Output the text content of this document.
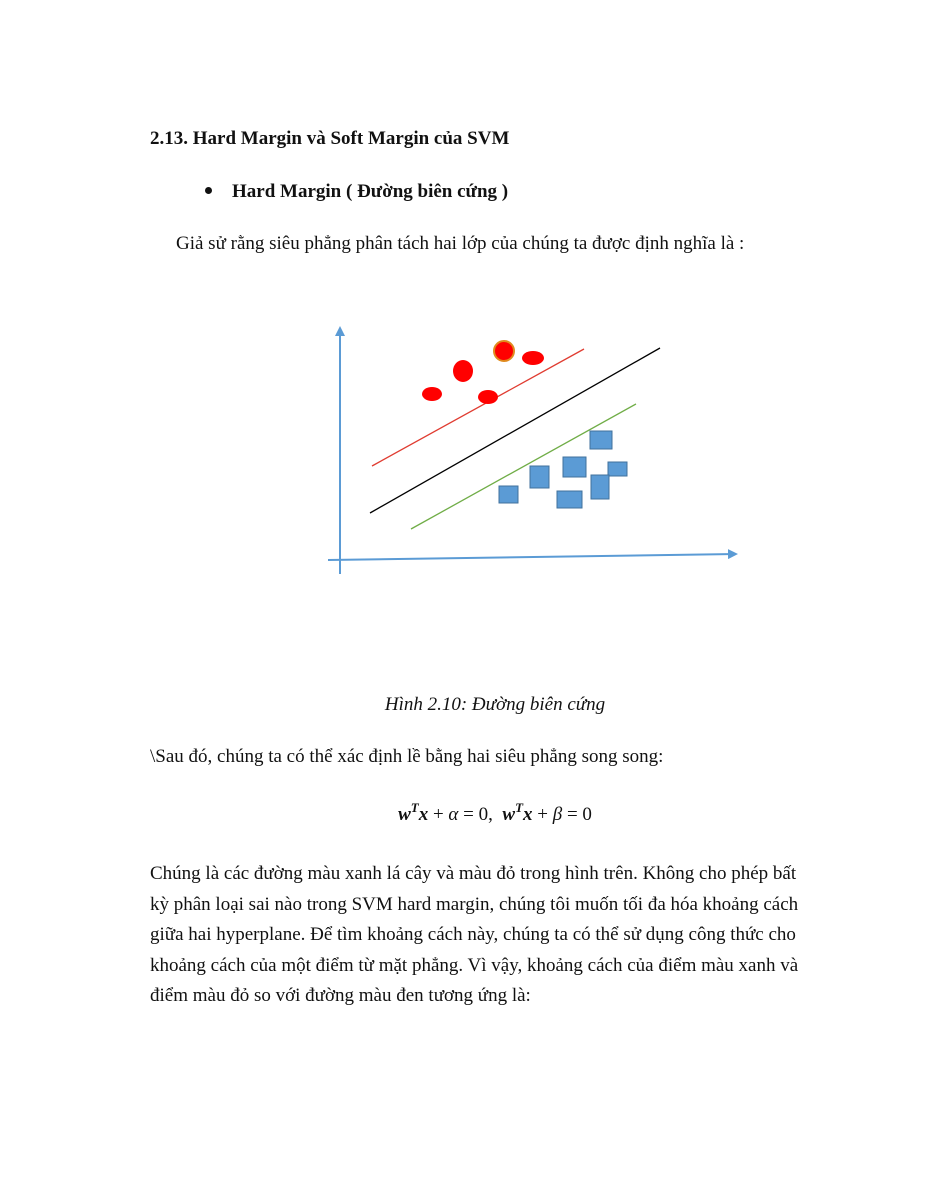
2.13. Hard Margin và Soft Margin của SVM
Hard Margin ( Đường biên cứng )
Giả sử rằng siêu phẳng phân tách hai lớp của chúng ta được định nghĩa là :
Hình 2.10: Đường biên cứng
\Sau đó, chúng ta có thể xác định lề bằng hai siêu phẳng song song:
$w^Tx + \alpha = 0$, $w^Tx + \beta = 0$
Chúng là các đường màu xanh lá cây và màu đỏ trong hình trên. Không cho phép bất
kỳ phân loại sai nào trong SVM hard margin, chúng tôi muốn tối đa hóa khoảng cách
giữa hai hyperplane. Để tìm khoảng cách này, chúng ta có thể sử dụng công thức cho
khoảng cách của một điểm từ mặt phẳng. Vì vậy, khoảng cách của điểm màu xanh và
điểm màu đỏ so với đường màu đen tương ứng là:
